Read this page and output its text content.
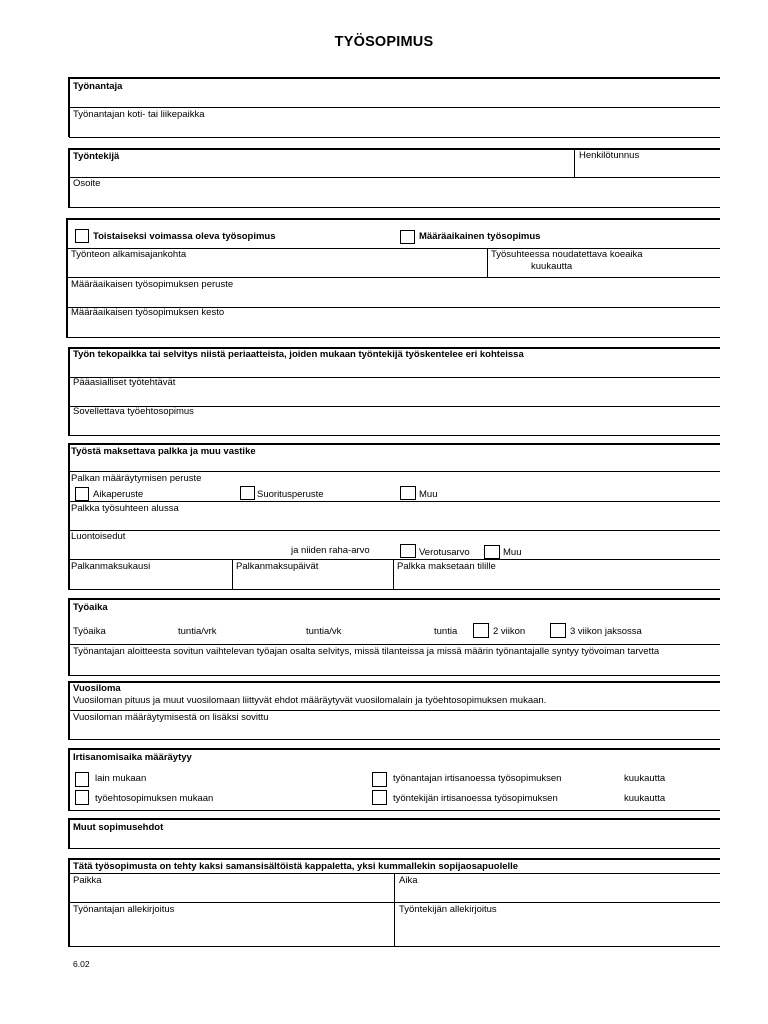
TYÖSOPIMUS
Työnantaja
Työnantajan koti- tai liikepaikka
Työntekijä	Henkilötunnus
Osoite
Toistaiseksi voimassa oleva työsopimus	Määräaikainen työsopimus
Työnteon alkamisajankohta	Työsuhteessa noudatettava koeaika
kuukautta
Määräaikaisen työsopimuksen peruste
Määräaikaisen työsopimuksen kesto
Työn tekopaikka tai selvitys niistä periaatteista, joiden mukaan työntekijä työskentelee eri kohteissa
Pääasialliset työtehtävät
Sovellettava työehtosopimus
Työstä maksettava palkka ja muu vastike
Palkan määräytymisen peruste
Aikaperuste	Suoritusperuste	Muu
Palkka työsuhteen alussa
Luontoisedut
ja niiden raha-arvo	Verotusarvo	Muu
Palkanmaksukausi	Palkanmaksupäivät	Palkka maksetaan tilille
Työaika
Työaika	tuntia/vrk	tuntia/vk	tuntia	2 viikon	3 viikon jaksossa
Työnantajan aloitteesta sovitun vaihtelevan työajan osalta selvitys, missä tilanteissa ja missä määrin työnantajalle syntyy työvoiman tarvetta
Vuosiloma
Vuosiloman pituus ja muut vuosilomaan liittyvät ehdot määräytyvät vuosilomalain ja työehtosopimuksen mukaan.
Vuosiloman määräytymisestä on lisäksi sovittu
Irtisanomisaika määräytyy
lain mukaan	työnantajan irtisanoessa työsopimuksen	kuukautta
työehtosopimuksen mukaan	työntekijän irtisanoessa työsopimuksen	kuukautta
Muut sopimusehdot
Tätä työsopimusta on tehty kaksi samansisältöistä kappaletta, yksi kummallekin sopijaosapuolelle
Paikka	Aika
Työnantajan allekirjoitus	Työntekijän allekirjoitus
6.02
